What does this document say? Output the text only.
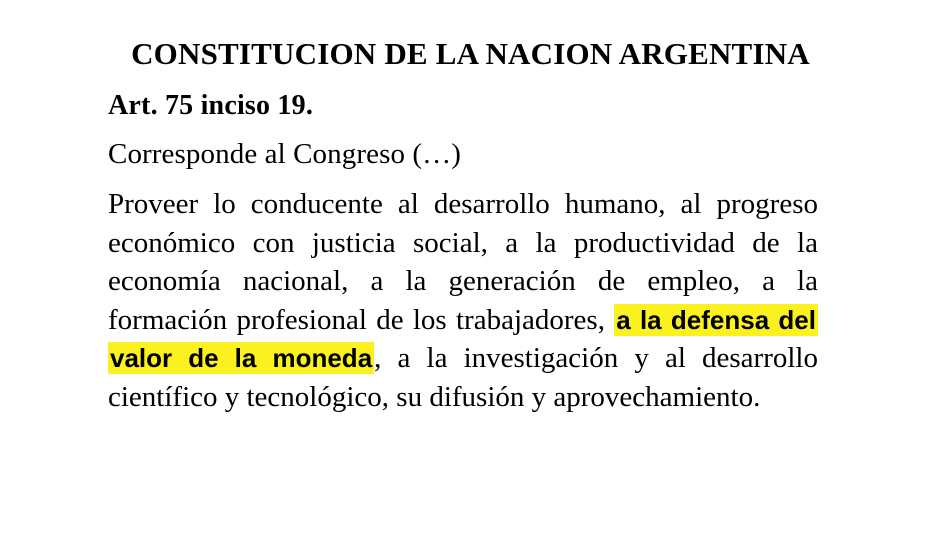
CONSTITUCION DE LA NACION ARGENTINA

Art. 75 inciso 19.

Corresponde al Congreso (…)

Proveer lo conducente al desarrollo humano, al progreso económico con justicia social, a la productividad de la economía nacional, a la generación de empleo, a la formación profesional de los trabajadores, a la defensa del valor de la moneda, a la investigación y al desarrollo científico y tecnológico, su difusión y aprovechamiento.
